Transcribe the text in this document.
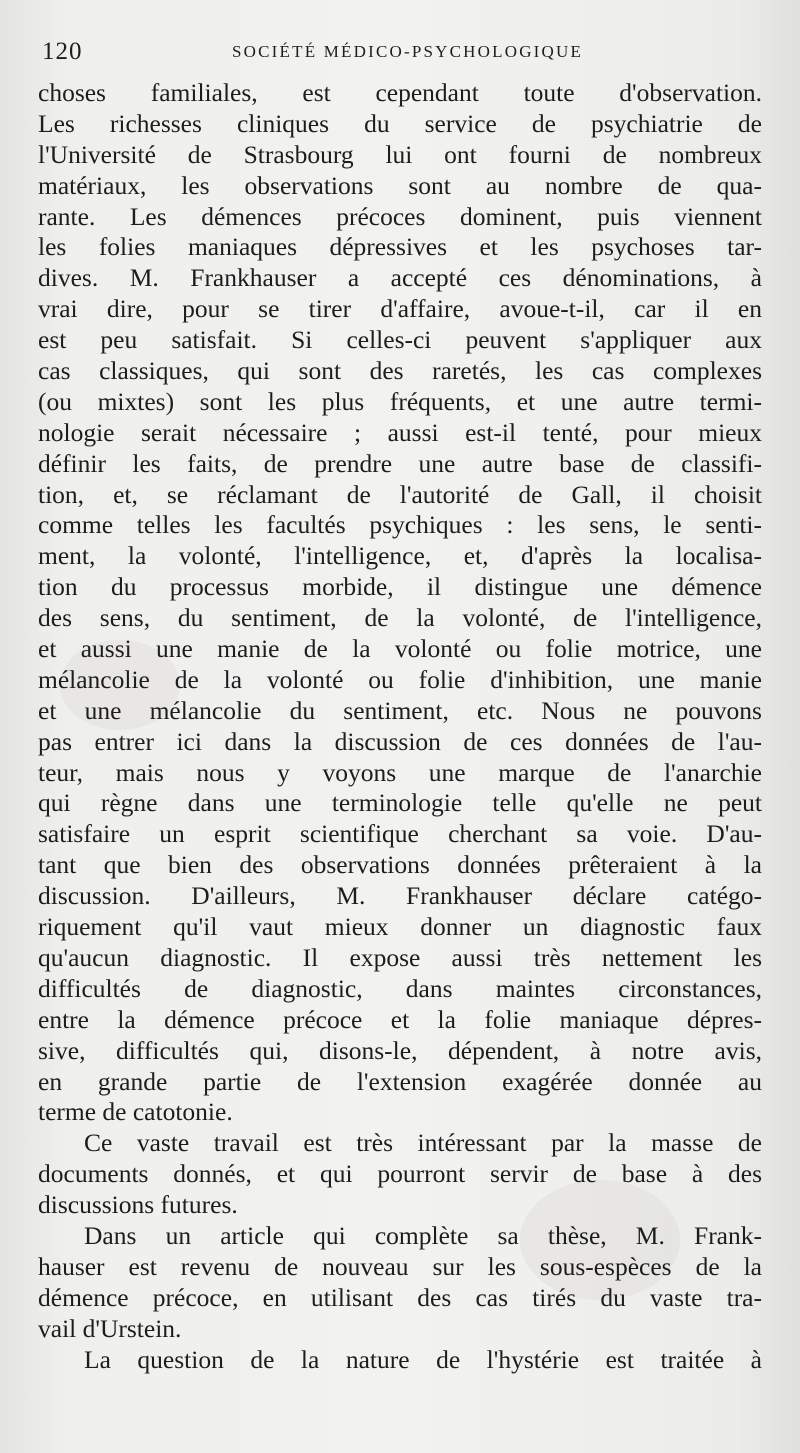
120	SOCIÉTÉ MÉDICO-PSYCHOLOGIQUE
choses familiales, est cependant toute d'observation.
Les richesses cliniques du service de psychiatrie de
l'Université de Strasbourg lui ont fourni de nombreux
matériaux, les observations sont au nombre de qua-
rante. Les démences précoces dominent, puis viennent
les folies maniaques dépressives et les psychoses tar-
dives. M. Frankhauser a accepté ces dénominations, à
vrai dire, pour se tirer d'affaire, avoue-t-il, car il en
est peu satisfait. Si celles-ci peuvent s'appliquer aux
cas classiques, qui sont des raretés, les cas complexes
(ou mixtes) sont les plus fréquents, et une autre termi-
nologie serait nécessaire ; aussi est-il tenté, pour mieux
définir les faits, de prendre une autre base de classifi-
tion, et, se réclamant de l'autorité de Gall, il choisit
comme telles les facultés psychiques : les sens, le senti-
ment, la volonté, l'intelligence, et, d'après la localisa-
tion du processus morbide, il distingue une démence
des sens, du sentiment, de la volonté, de l'intelligence,
et aussi une manie de la volonté ou folie motrice, une
mélancolie de la volonté ou folie d'inhibition, une manie
et une mélancolie du sentiment, etc. Nous ne pouvons
pas entrer ici dans la discussion de ces données de l'au-
teur, mais nous y voyons une marque de l'anarchie
qui règne dans une terminologie telle qu'elle ne peut
satisfaire un esprit scientifique cherchant sa voie. D'au-
tant que bien des observations données prêteraient à la
discussion. D'ailleurs, M. Frankhauser déclare catégo-
riquement qu'il vaut mieux donner un diagnostic faux
qu'aucun diagnostic. Il expose aussi très nettement les
difficultés de diagnostic, dans maintes circonstances,
entre la démence précoce et la folie maniaque dépres-
sive, difficultés qui, disons-le, dépendent, à notre avis,
en grande partie de l'extension exagérée donnée au
terme de catotonie.
Ce vaste travail est très intéressant par la masse de
documents donnés, et qui pourront servir de base à des
discussions futures.
Dans un article qui complète sa thèse, M. Frank-
hauser est revenu de nouveau sur les sous-espèces de la
démence précoce, en utilisant des cas tirés du vaste tra-
vail d'Urstein.
La question de la nature de l'hystérie est traitée à
